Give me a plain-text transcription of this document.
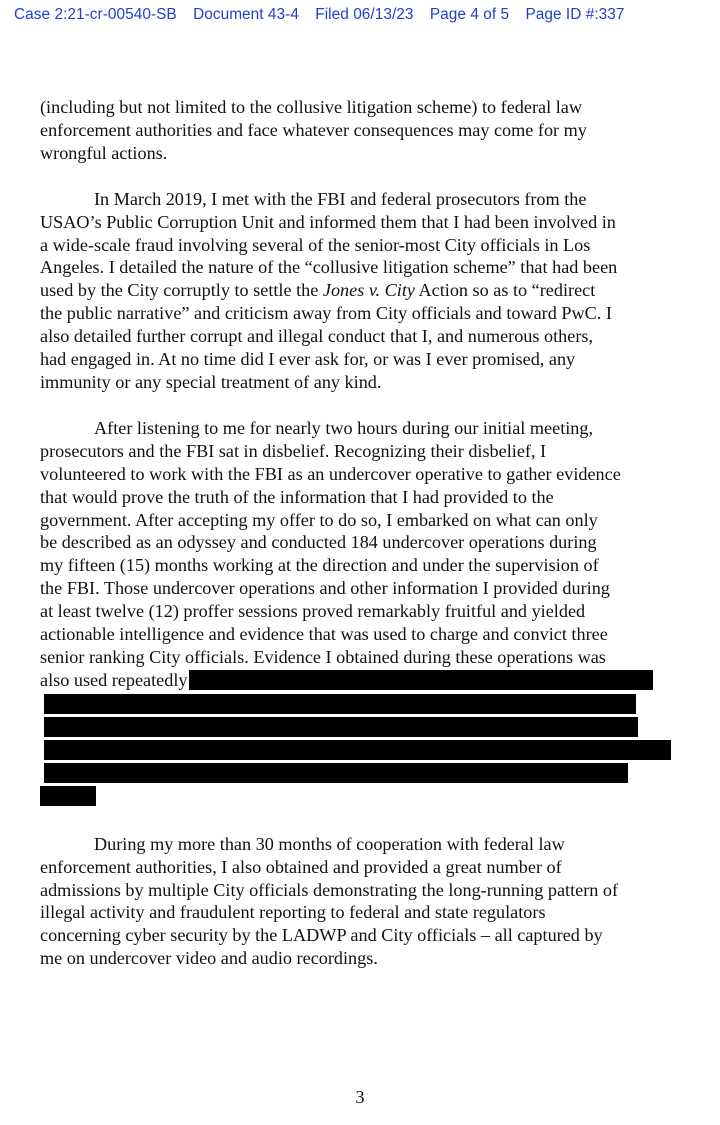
Case 2:21-cr-00540-SB Document 43-4 Filed 06/13/23 Page 4 of 5 Page ID #:337

(including but not limited to the collusive litigation scheme) to federal law
enforcement authorities and face whatever consequences may come for my
wrongful actions.

In March 2019, I met with the FBI and federal prosecutors from the
USAO’s Public Corruption Unit and informed them that I had been involved in
a wide-scale fraud involving several of the senior-most City officials in Los
Angeles. I detailed the nature of the “collusive litigation scheme” that had been
used by the City corruptly to settle the Jones v. City Action so as to “redirect
the public narrative” and criticism away from City officials and toward PwC. I
also detailed further corrupt and illegal conduct that I, and numerous others,
had engaged in. At no time did I ever ask for, or was I ever promised, any
immunity or any special treatment of any kind.

After listening to me for nearly two hours during our initial meeting,
prosecutors and the FBI sat in disbelief. Recognizing their disbelief, I
volunteered to work with the FBI as an undercover operative to gather evidence
that would prove the truth of the information that I had provided to the
government. After accepting my offer to do so, I embarked on what can only
be described as an odyssey and conducted 184 undercover operations during
my fifteen (15) months working at the direction and under the supervision of
the FBI. Those undercover operations and other information I provided during
at least twelve (12) proffer sessions proved remarkably fruitful and yielded
actionable intelligence and evidence that was used to charge and convict three
senior ranking City officials. Evidence I obtained during these operations was
also used repeatedly

During my more than 30 months of cooperation with federal law
enforcement authorities, I also obtained and provided a great number of
admissions by multiple City officials demonstrating the long-running pattern of
illegal activity and fraudulent reporting to federal and state regulators
concerning cyber security by the LADWP and City officials – all captured by
me on undercover video and audio recordings.

3
